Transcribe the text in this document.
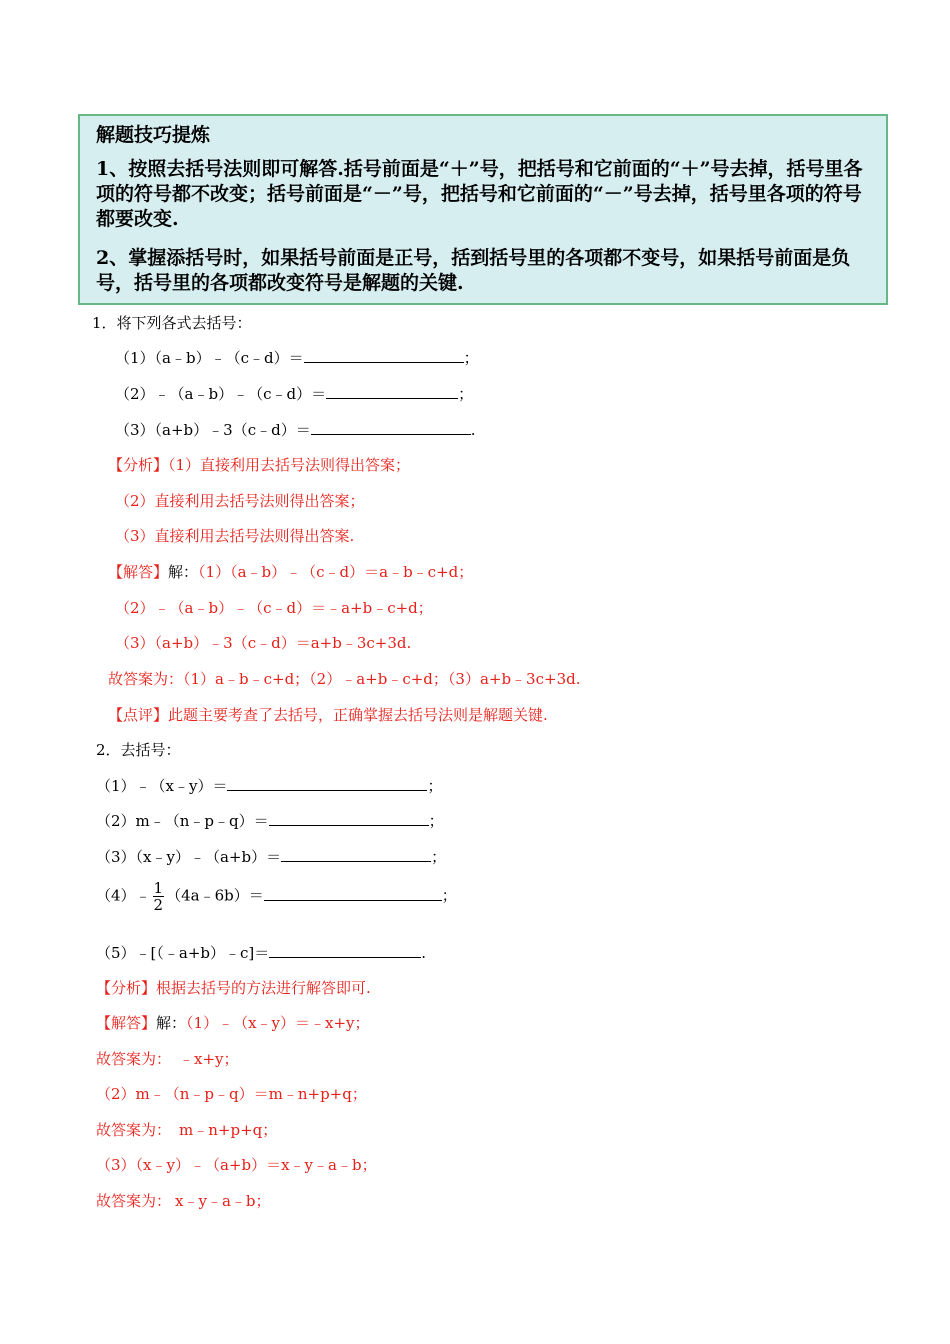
解题技巧提炼
1、按照去括号法则即可解答.括号前面是“＋”号，把括号和它前面的“＋”号去掉，括号里各项的符号都不改变；括号前面是“－”号，把括号和它前面的“－”号去掉，括号里各项的符号都要改变.
2、掌握添括号时，如果括号前面是正号，括到括号里的各项都不变号，如果括号前面是负号，括号里的各项都改变符号是解题的关键.
1．将下列各式去括号：
（1）（a﹣b）﹣（c﹣d）＝	；
（2）﹣（a﹣b）﹣（c﹣d）＝	；
（3）（a+b）﹣3（c﹣d）＝	.
【分析】（1）直接利用去括号法则得出答案；
（2）直接利用去括号法则得出答案；
（3）直接利用去括号法则得出答案.
【解答】解：（1）（a﹣b）﹣（c﹣d）＝a﹣b﹣c+d；
（2）﹣（a﹣b）﹣（c﹣d）＝﹣a+b﹣c+d；
（3）（a+b）﹣3（c﹣d）＝a+b﹣3c+3d.
故答案为：（1）a﹣b﹣c+d；（2）﹣a+b﹣c+d；（3）a+b﹣3c+3d.
【点评】此题主要考查了去括号，正确掌握去括号法则是解题关键.
2．去括号：
（1）﹣（x﹣y）＝	；
（2）m﹣（n﹣p﹣q）＝	；
（3）（x﹣y）﹣（a+b）＝	；
（4）﹣ $\frac{1}{2}$ （4a﹣6b）＝	；
（5）﹣[（﹣a+b）﹣c]＝	.
【分析】根据去括号的方法进行解答即可.
【解答】解：（1）﹣（x﹣y）＝﹣x+y；
故答案为： ﹣x+y；
（2）m﹣（n﹣p﹣q）＝m﹣n+p+q；
故答案为： m﹣n+p+q；
（3）（x﹣y）﹣（a+b）＝x﹣y﹣a﹣b；
故答案为： x﹣y﹣a﹣b；
